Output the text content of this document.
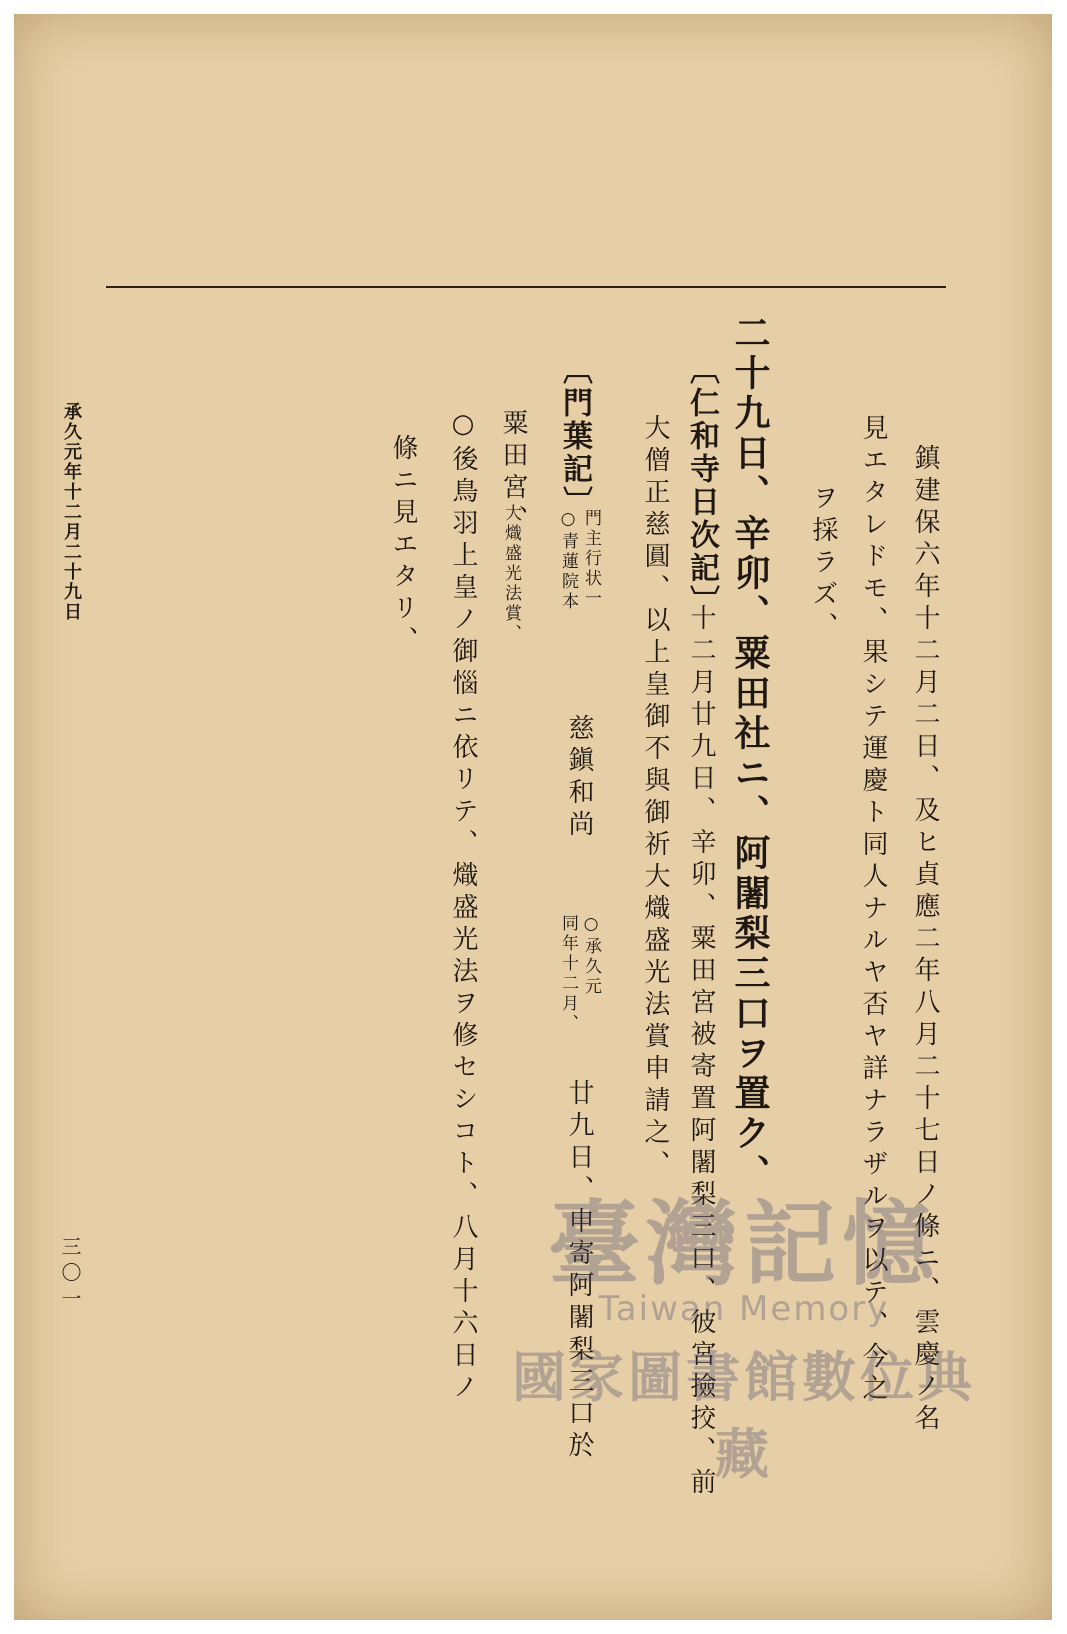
鎮建保六年十二月二日、及ヒ貞應二年八月二十七日ノ條ニ、雲慶ノ名
見エタレドモ、果シテ運慶ト同人ナルヤ否ヤ詳ナラザルヲ以テ、今之
ヲ採ラズ、
二十九日、辛卯、粟田社ニ、阿闍梨三口ヲ置ク、
〔仁和寺日次記〕
十二月廿九日、辛卯、粟田宮被寄置阿闍梨三口、彼宮撿挍、前
大僧正慈圓、以上皇御不與御祈大熾盛光法賞申請之、
〔門葉記〕
門主行状一
○青蓮院本
慈鎭和尚
○承久元
同年十二月、
廿九日、申寄阿闍梨三口於
粟田宮、
大熾盛光法賞、
○後鳥羽上皇ノ御惱ニ依リテ、熾盛光法ヲ修セシコト、八月十六日ノ
條ニ見エタリ、
承久元年十二月二十九日
三〇一	臺灣記憶
Taiwan Memory
國家圖書館數位典藏
